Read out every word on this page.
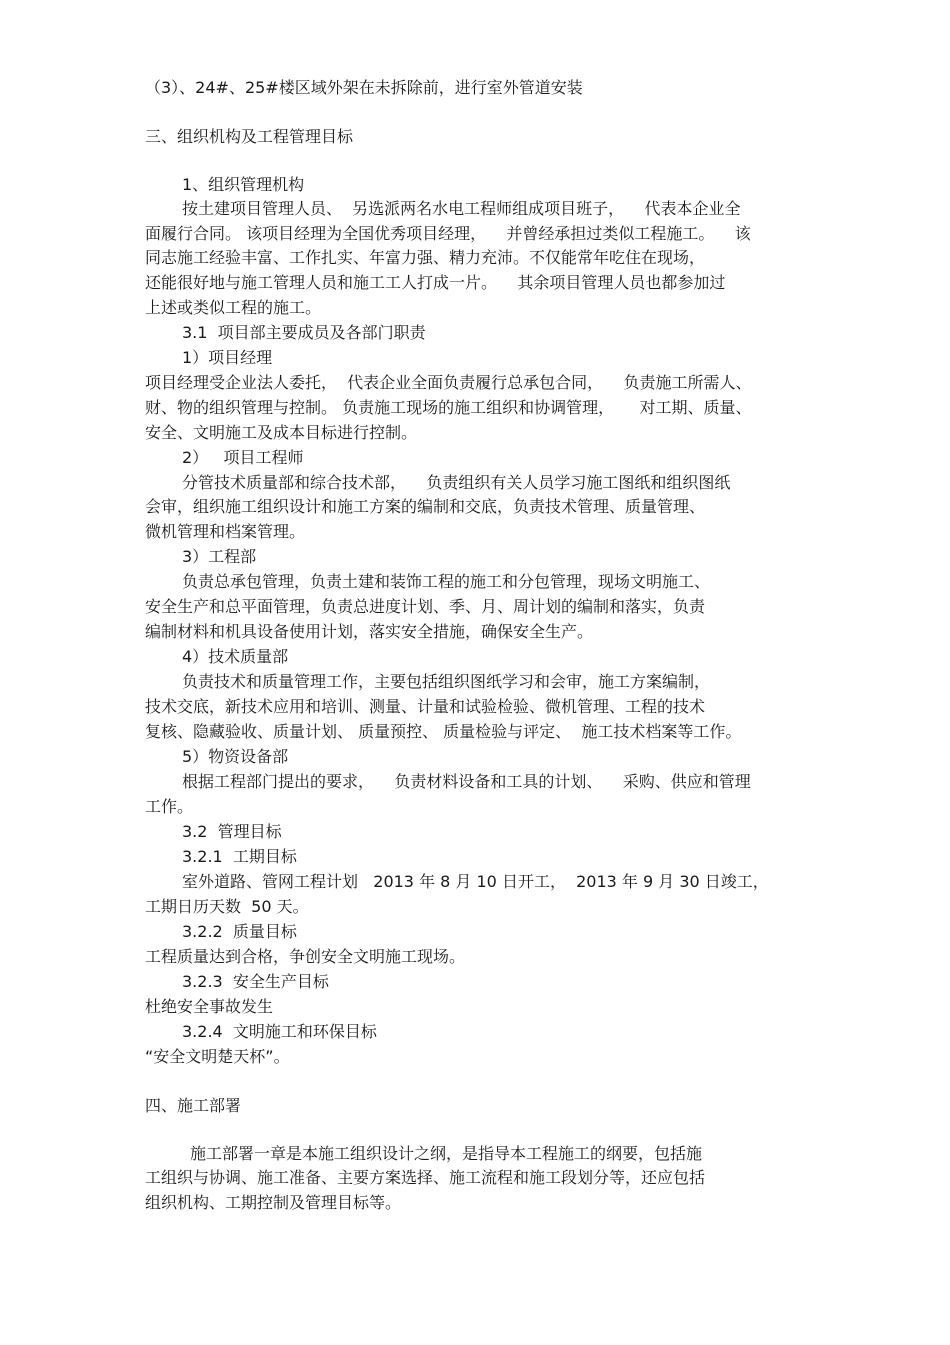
（3）、24#、25#楼区域外架在未拆除前，进行室外管道安装

三、组织机构及工程管理目标

1、组织管理机构

按土建项目管理人员、  另选派两名水电工程师组成项目班子，    代表本企业全

面履行合同。 该项目经理为全国优秀项目经理，    并曾经承担过类似工程施工。    该

同志施工经验丰富、工作扎实、年富力强、精力充沛。不仅能常年吃住在现场，

还能很好地与施工管理人员和施工工人打成一片。    其余项目管理人员也都参加过

上述或类似工程的施工。

3.1  项目部主要成员及各部门职责

1）项目经理

项目经理受企业法人委托，  代表企业全面负责履行总承包合同，    负责施工所需人、

财、物的组织管理与控制。 负责施工现场的施工组织和协调管理，     对工期、质量、

安全、文明施工及成本目标进行控制。

2）   项目工程师

分管技术质量部和综合技术部，    负责组织有关人员学习施工图纸和组织图纸

会审，组织施工组织设计和施工方案的编制和交底，负责技术管理、质量管理、

微机管理和档案管理。

3）工程部

负责总承包管理，负责土建和装饰工程的施工和分包管理，现场文明施工、

安全生产和总平面管理，负责总进度计划、季、月、周计划的编制和落实，负责

编制材料和机具设备使用计划，落实安全措施，确保安全生产。

4）技术质量部

负责技术和质量管理工作，主要包括组织图纸学习和会审，施工方案编制，

技术交底，新技术应用和培训、测量、计量和试验检验、微机管理、工程的技术

复核、隐藏验收、质量计划、 质量预控、 质量检验与评定、  施工技术档案等工作。

5）物资设备部

根据工程部门提出的要求，    负责材料设备和工具的计划、    采购、供应和管理

工作。

3.2  管理目标

3.2.1  工期目标

室外道路、管网工程计划   2013 年 8 月 10 日开工，  2013 年 9 月 30 日竣工，

工期日历天数  50 天。

3.2.2  质量目标

工程质量达到合格，争创安全文明施工现场。

3.2.3  安全生产目标

杜绝安全事故发生

3.2.4  文明施工和环保目标

“安全文明楚天杯”。

四、施工部署

施工部署一章是本施工组织设计之纲，是指导本工程施工的纲要，包括施

工组织与协调、施工准备、主要方案选择、施工流程和施工段划分等，还应包括

组织机构、工期控制及管理目标等。
